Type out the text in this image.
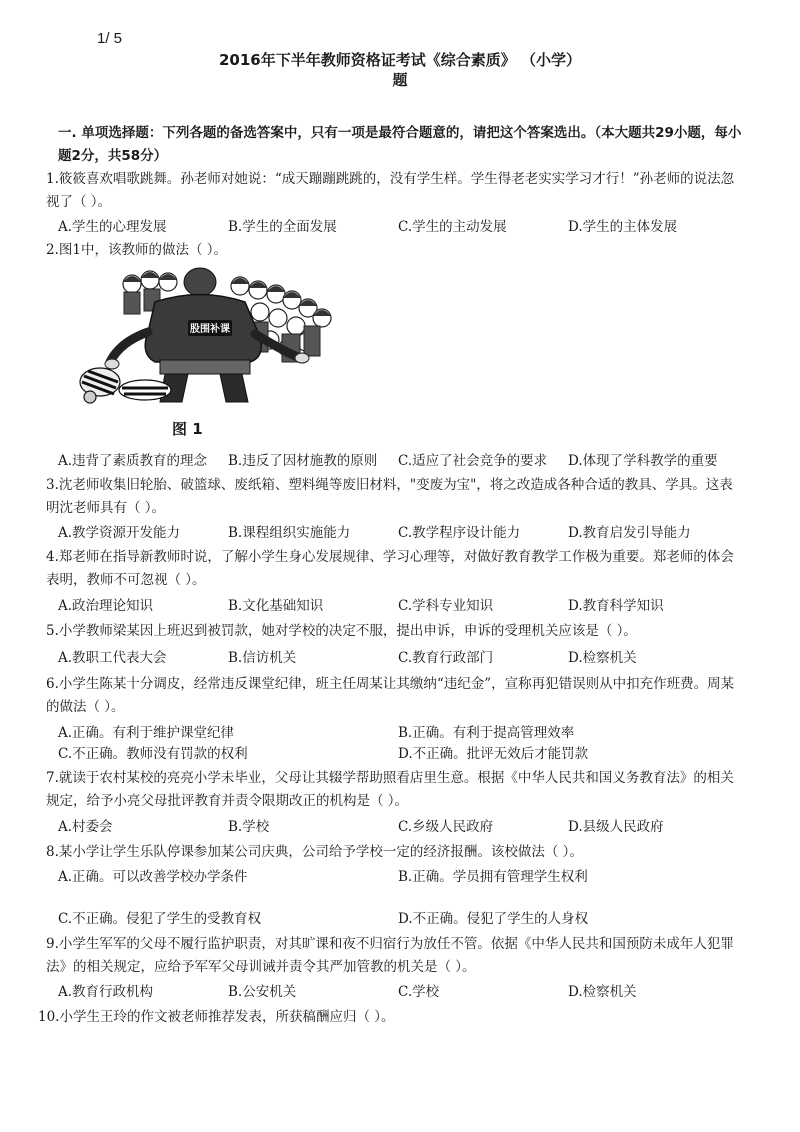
1/ 5
2016年下半年教师资格证考试《综合素质》 （小学）
题
一. 单项选择题：下列各题的备选答案中，只有一项是最符合题意的，请把这个答案选出。（本大题共29小题，每小题2分，共58分）
1.筱筱喜欢唱歌跳舞。孙老师对她说：“成天蹦蹦跳跳的，没有学生样。学生得老老实实学习才行！”孙老师的说法忽视了（ ）。
A.学生的心理发展	B.学生的全面发展	C.学生的主动发展	D.学生的主体发展
2.图1中，该教师的做法（ ）。
股围补课
图 1
A.违背了素质教育的理念 B.违反了因材施教的原则 C.适应了社会竞争的要求 D.体现了学科教学的重要
3.沈老师收集旧轮胎、破篮球、废纸箱、塑料绳等废旧材料，"变废为宝"，将之改造成各种合适的教具、学具。这表明沈老师具有（ ）。
A.教学资源开发能力	B.课程组织实施能力	C.教学程序设计能力	D.教育启发引导能力
4.郑老师在指导新教师时说，了解小学生身心发展规律、学习心理等，对做好教育教学工作极为重要。郑老师的体会表明，教师不可忽视（ ）。
A.政治理论知识	B.文化基础知识	C.学科专业知识	D.教育科学知识
5.小学教师梁某因上班迟到被罚款，她对学校的决定不服，提出申诉，申诉的受理机关应该是（ ）。
A.教职工代表大会	B.信访机关	C.教育行政部门	D.检察机关
6.小学生陈某十分调皮，经常违反课堂纪律，班主任周某让其缴纳“违纪金”，宣称再犯错误则从中扣充作班费。周某的做法（ ）。
A.正确。有利于维护课堂纪律	B.正确。有利于提高管理效率
C.不正确。教师没有罚款的权利	D.不正确。批评无效后才能罚款
7.就读于农村某校的亮亮小学未毕业，父母让其辍学帮助照看店里生意。根据《中华人民共和国义务教育法》的相关规定，给予小亮父母批评教育并责令限期改正的机构是（ ）。
A.村委会	B.学校	C.乡级人民政府	D.县级人民政府
8.某小学让学生乐队停课参加某公司庆典，公司给予学校一定的经济报酬。该校做法（ ）。
A.正确。可以改善学校办学条件	B.正确。学员拥有管理学生权利
C.不正确。侵犯了学生的受教育权	D.不正确。侵犯了学生的人身权
9.小学生军军的父母不履行监护职责，对其旷课和夜不归宿行为放任不管。依据《中华人民共和国预防未成年人犯罪法》的相关规定，应给予军军父母训诫并责令其严加管教的机关是（ ）。
A.教育行政机构	B.公安机关	C.学校	D.检察机关
10.小学生王玲的作文被老师推荐发表，所获稿酬应归（ ）。
